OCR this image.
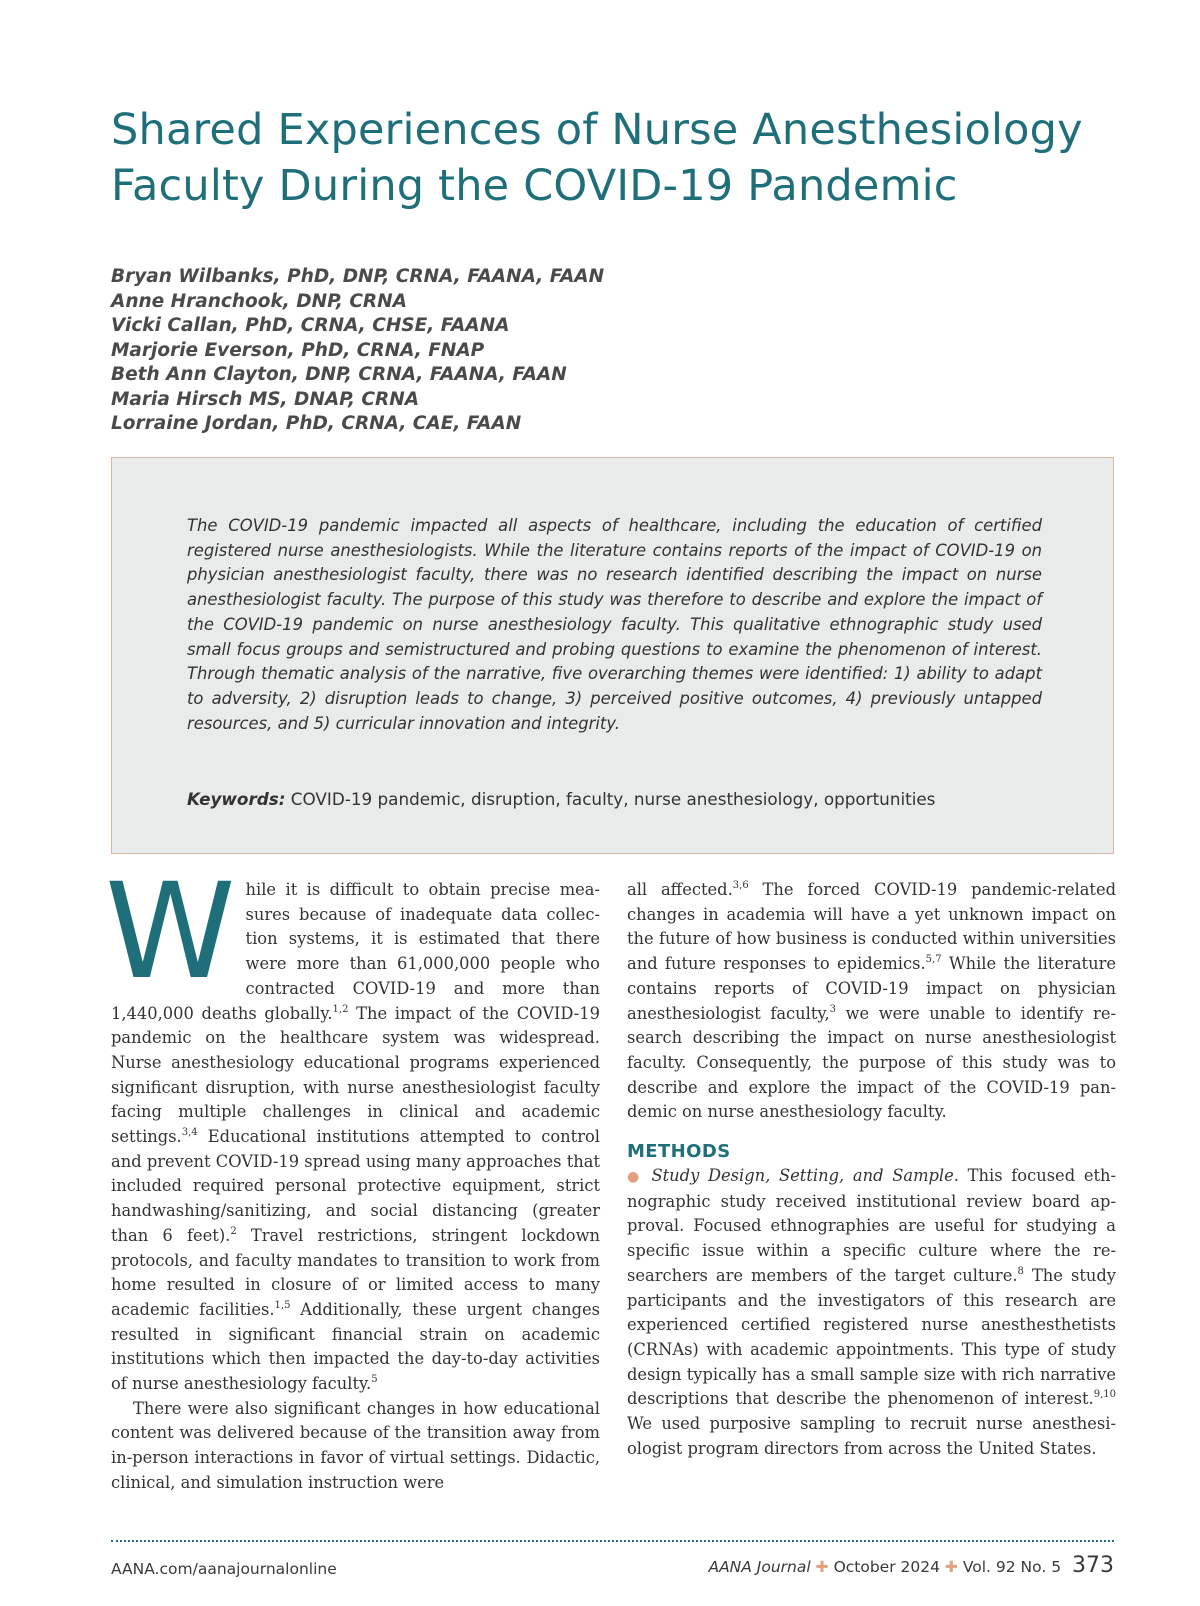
Shared Experiences of Nurse Anesthesiology Faculty During the COVID-19 Pandemic
Bryan Wilbanks, PhD, DNP, CRNA, FAANA, FAAN
Anne Hranchook, DNP, CRNA
Vicki Callan, PhD, CRNA, CHSE, FAANA
Marjorie Everson, PhD, CRNA, FNAP
Beth Ann Clayton, DNP, CRNA, FAANA, FAAN
Maria Hirsch MS, DNAP, CRNA
Lorraine Jordan, PhD, CRNA, CAE, FAAN

The COVID-19 pandemic impacted all aspects of healthcare, including the education of certified registered nurse anesthesiologists. While the literature contains reports of the impact of COVID-19 on physician anesthesiologist faculty, there was no research identified describing the impact on nurse anesthesiologist faculty. The purpose of this study was therefore to describe and explore the impact of the COVID-19 pandemic on nurse anesthesiology faculty. This qualitative ethnographic study used small focus groups and semistructured and probing questions to examine the phenomenon of interest. Through thematic analysis of the narrative, five overarching themes were identified: 1) ability to adapt to adversity, 2) disruption leads to change, 3) perceived positive outcomes, 4) previously untapped resources, and 5) curricular innovation and integrity.

Keywords: COVID-19 pandemic, disruption, faculty, nurse anesthesiology, opportunities

While it is difficult to obtain precise measures because of inadequate data collection systems, it is estimated that there were more than 61,000,000 people who contracted COVID-19 and more than 1,440,000 deaths globally.$^{1,2}$ The impact of the COVID-19 pandemic on the healthcare system was widespread. Nurse anesthesiology educational programs experienced significant disruption, with nurse anesthesiologist faculty facing multiple challenges in clinical and academic settings.$^{3,4}$ Educational institutions attempted to control and prevent COVID-19 spread using many approaches that included required personal protective equipment, strict handwashing/sanitizing, and social distancing (greater than 6 feet).$^2$ Travel restrictions, stringent lockdown protocols, and faculty mandates to transition to work from home resulted in closure of or limited access to many academic facilities.$^{1,5}$ Additionally, these urgent changes resulted in significant financial strain on academic institutions which then impacted the day-to-day activities of nurse anesthesiology faculty.$^5$

There were also significant changes in how educational content was delivered because of the transition away from in-person interactions in favor of virtual settings. Didactic, clinical, and simulation instruction were

all affected.$^{3,6}$ The forced COVID-19 pandemic-related changes in academia will have a yet unknown impact on the future of how business is conducted within universities and future responses to epidemics.$^{5,7}$ While the literature contains reports of COVID-19 impact on physician anesthesiologist faculty,$^3$ we were unable to identify research describing the impact on nurse anesthesiologist faculty. Consequently, the purpose of this study was to describe and explore the impact of the COVID-19 pandemic on nurse anesthesiology faculty.

METHODS

● Study Design, Setting, and Sample. This focused ethnographic study received institutional review board approval. Focused ethnographies are useful for studying a specific issue within a specific culture where the researchers are members of the target culture.$^8$ The study participants and the investigators of this research are experienced certified registered nurse anesthesthetists (CRNAs) with academic appointments. This type of study design typically has a small sample size with rich narrative descriptions that describe the phenomenon of interest.$^{9,10}$ We used purposive sampling to recruit nurse anesthesiologist program directors from across the United States.

AANA.com/aanajournalonline	AANA Journal ✚ October 2024 ✚ Vol. 92 No. 5 373
